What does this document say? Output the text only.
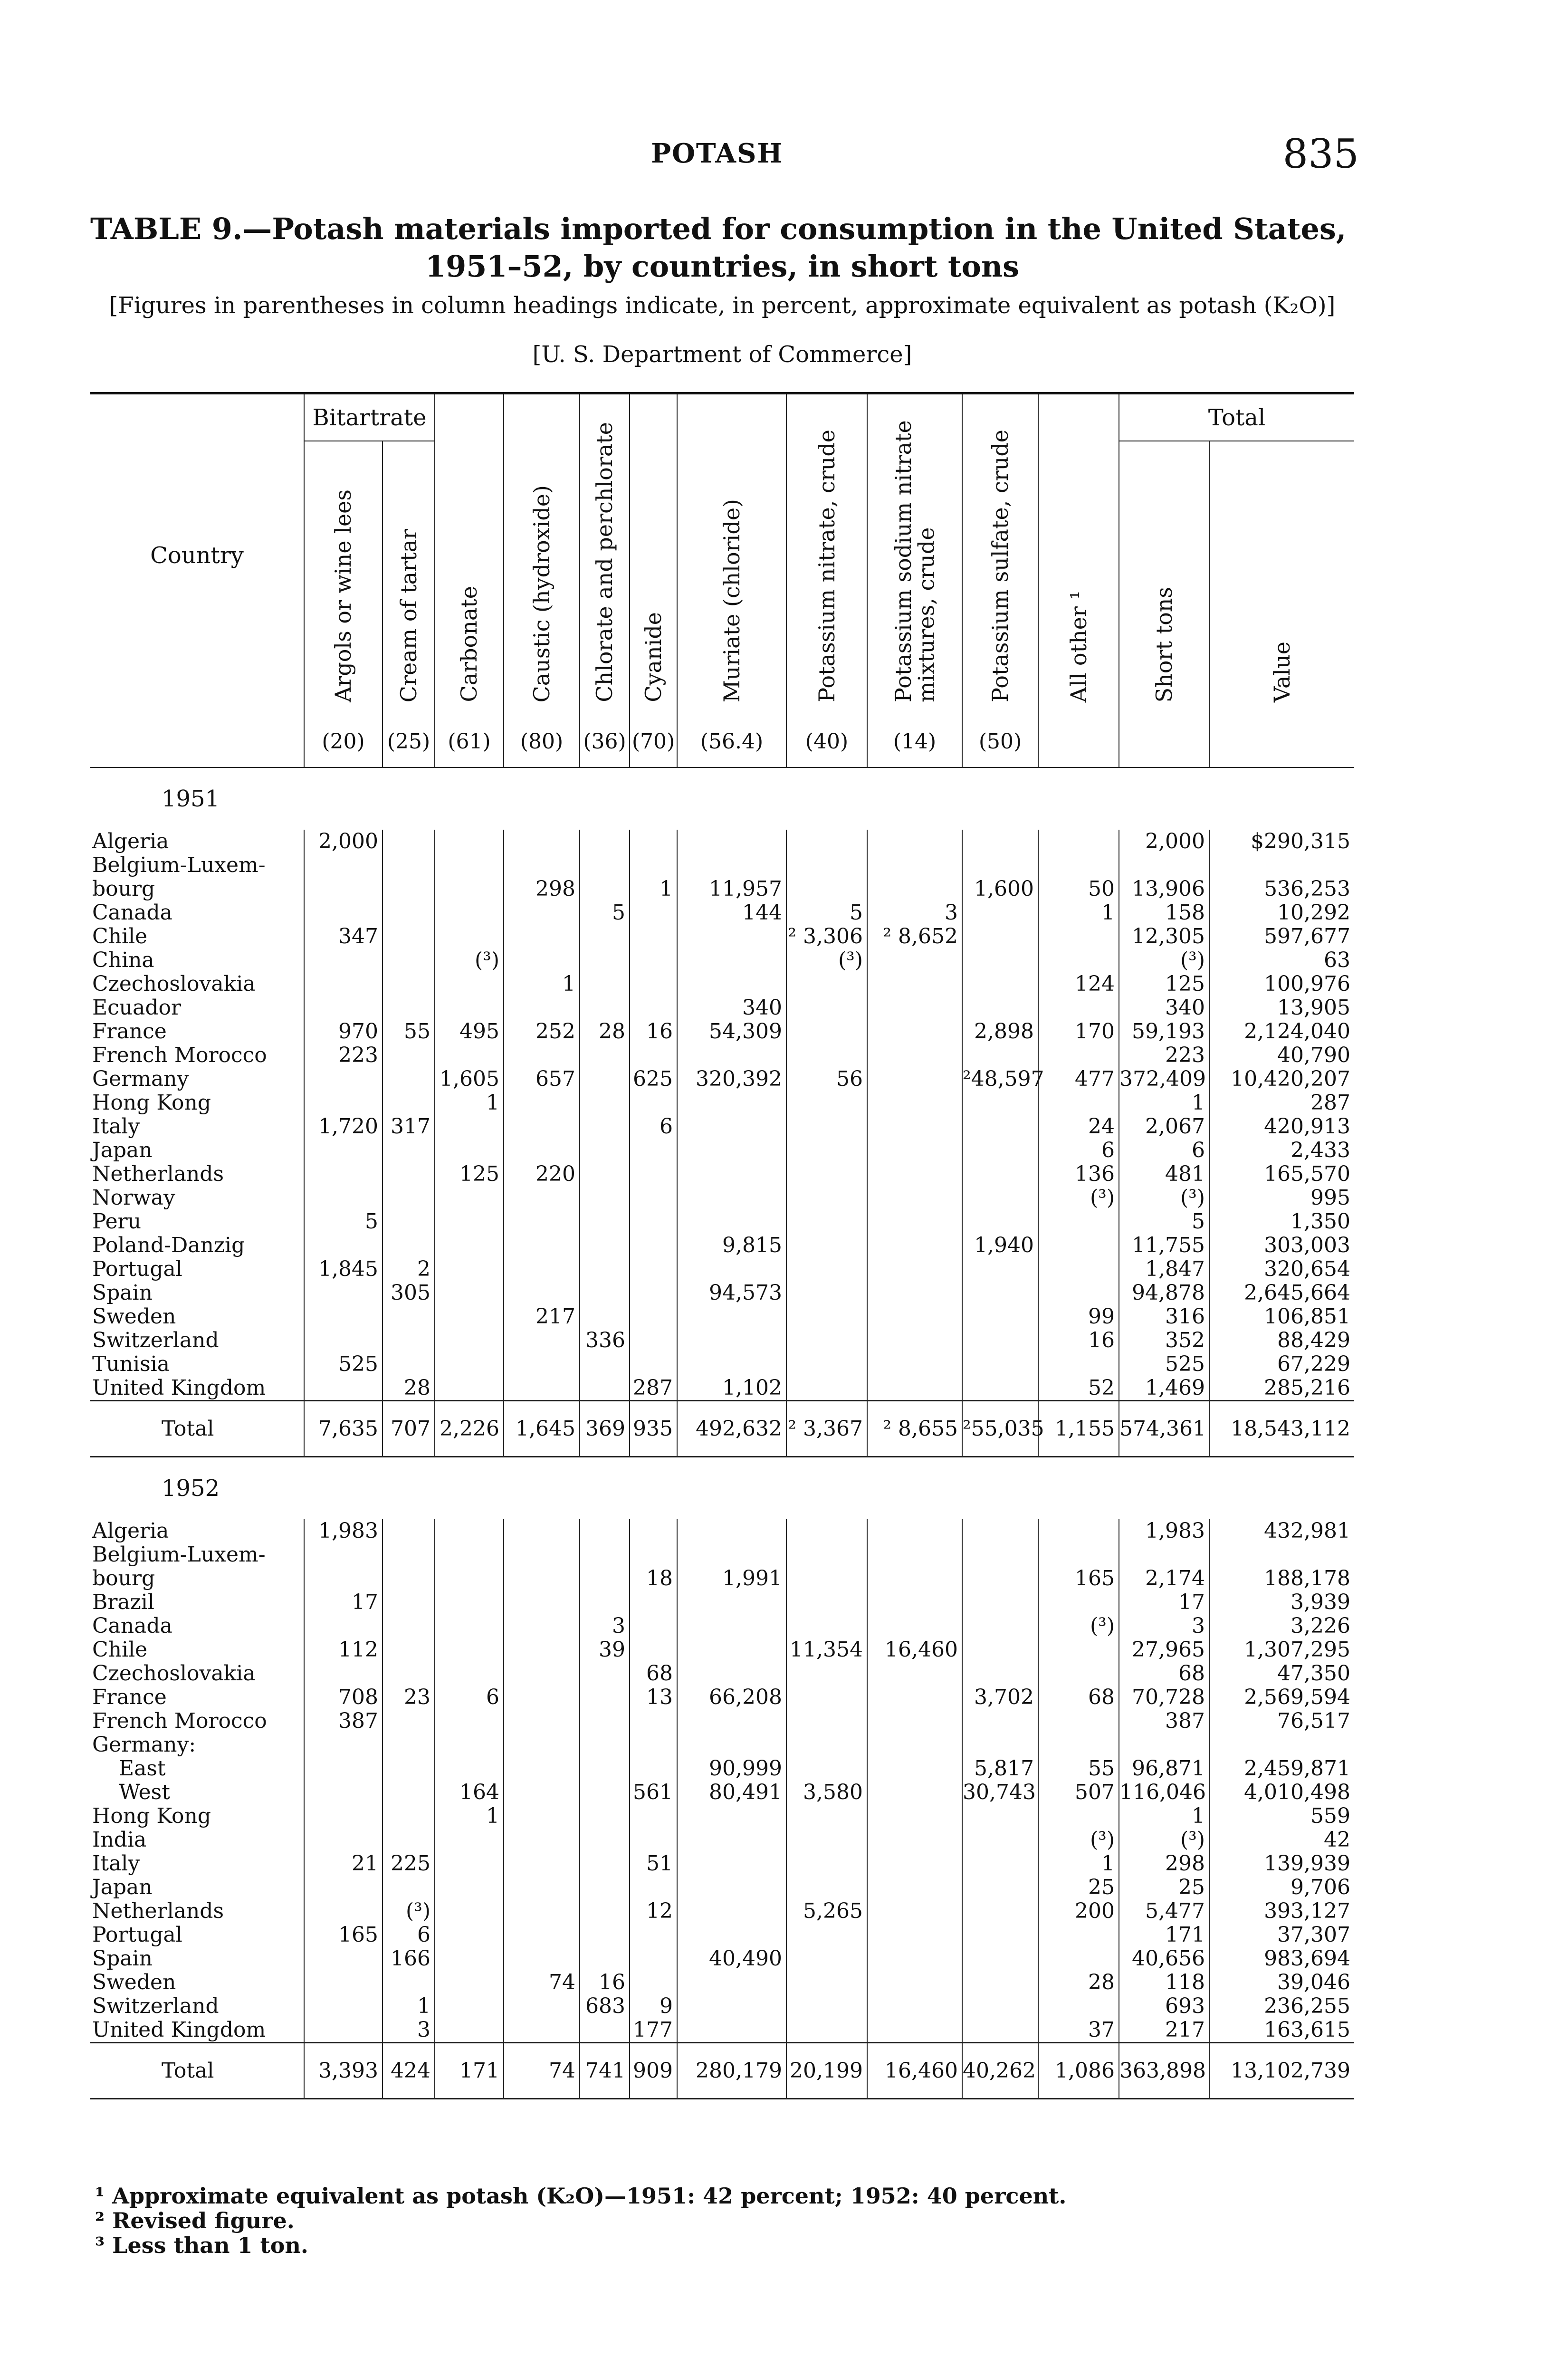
POTASH	835
TABLE 9.—Potash materials imported for consumption in the United States,
1951–52, by countries, in short tons
[Figures in parentheses in column headings indicate, in percent, approximate equivalent as potash (K₂O)]
[U. S. Department of Commerce]
Country	Bitartrate		Carbonate	Caustic (hydroxide)	Chlorate and perchlorate	Cyanide	Muriate (chloride)	Potassium nitrate, crude	Potassium sodium nitrate mixtures, crude	Potassium sulfate, crude	All other ¹	Total	
	Argols or wine lees	Cream of tartar										Short tons	Value
	(20)	(25)	(61)	(80)	(36)	(70)	(56.4)	(40)	(14)	(50)			
1951													
Algeria	2,000											2,000	$290,315
Belgium-Luxem-													
bourg				298		1	11,957			1,600	50	13,906	536,253
Canada					5		144	5	3		1	158	10,292
Chile	347							² 3,306	² 8,652			12,305	597,677
China			(³)					(³)				(³)	63
Czechoslovakia				1							124	125	100,976
Ecuador							340					340	13,905
France	970	55	495	252	28	16	54,309			2,898	170	59,193	2,124,040
French Morocco	223											223	40,790
Germany			1,605	657		625	320,392	56		²48,597	477	372,409	10,420,207
Hong Kong			1									1	287
Italy	1,720	317				6					24	2,067	420,913
Japan											6	6	2,433
Netherlands			125	220							136	481	165,570
Norway											(³)	(³)	995
Peru	5											5	1,350
Poland-Danzig							9,815			1,940		11,755	303,003
Portugal	1,845	2										1,847	320,654
Spain		305					94,573					94,878	2,645,664
Sweden				217							99	316	106,851
Switzerland					336						16	352	88,429
Tunisia	525											525	67,229
United Kingdom		28				287	1,102				52	1,469	285,216
Total	7,635	707	2,226	1,645	369	935	492,632	² 3,367	² 8,655	²55,035	1,155	574,361	18,543,112
1952													
Algeria	1,983											1,983	432,981
Belgium-Luxem-													
bourg						18	1,991				165	2,174	188,178
Brazil	17											17	3,939
Canada					3						(³)	3	3,226
Chile	112				39			11,354	16,460			27,965	1,307,295
Czechoslovakia						68						68	47,350
France	708	23	6			13	66,208			3,702	68	70,728	2,569,594
French Morocco	387											387	76,517
Germany:													
East							90,999			5,817	55	96,871	2,459,871
West			164			561	80,491	3,580		30,743	507	116,046	4,010,498
Hong Kong			1									1	559
India											(³)	(³)	42
Italy	21	225				51					1	298	139,939
Japan											25	25	9,706
Netherlands		(³)				12		5,265			200	5,477	393,127
Portugal	165	6										171	37,307
Spain		166					40,490					40,656	983,694
Sweden				74	16						28	118	39,046
Switzerland		1			683	9						693	236,255
United Kingdom		3				177					37	217	163,615
Total	3,393	424	171	74	741	909	280,179	20,199	16,460	40,262	1,086	363,898	13,102,739
¹ Approximate equivalent as potash (K₂O)—1951: 42 percent; 1952: 40 percent.
² Revised figure.
³ Less than 1 ton.
